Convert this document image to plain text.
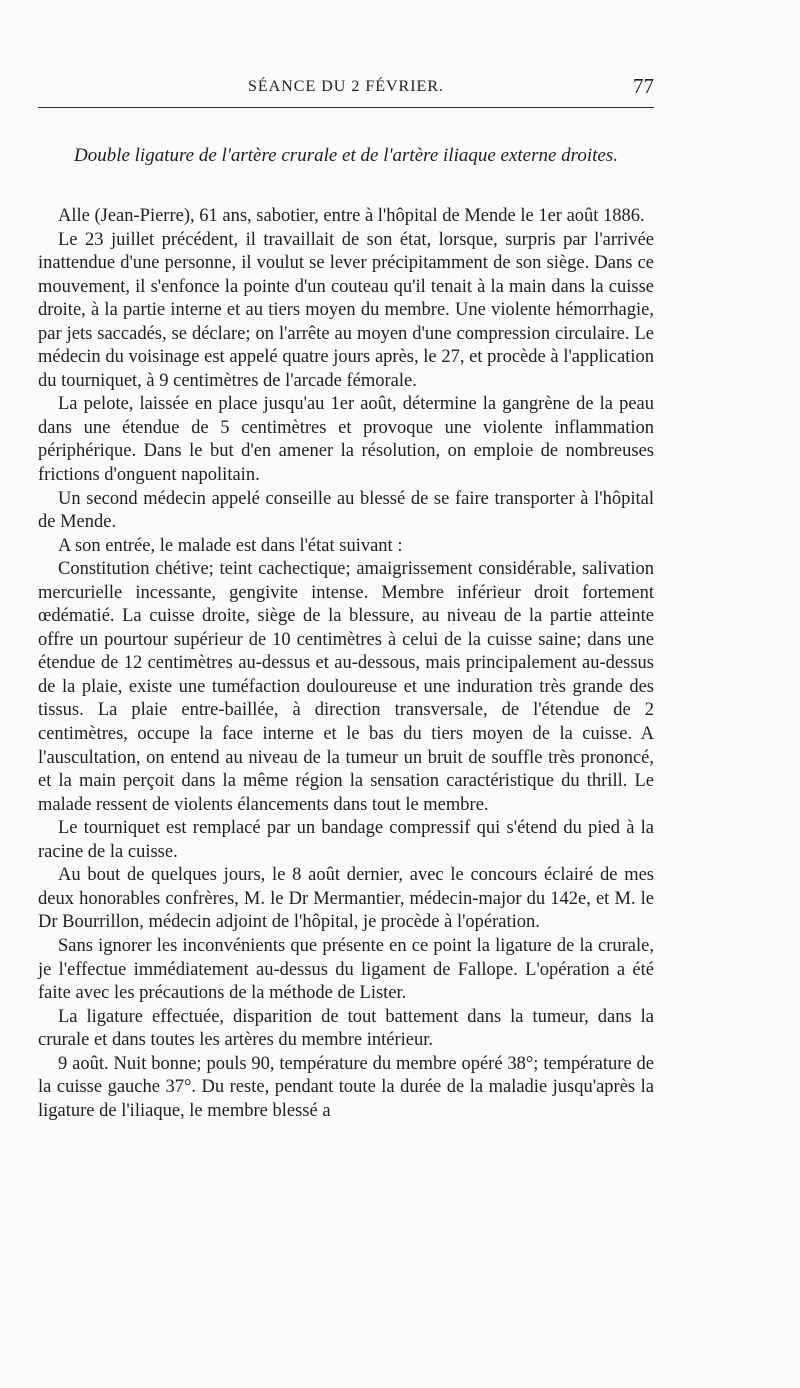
SÉANCE DU 2 FÉVRIER.	77
Double ligature de l'artère crurale et de l'artère iliaque externe droites.

Alle (Jean-Pierre), 61 ans, sabotier, entre à l'hôpital de Mende le 1er août 1886.

Le 23 juillet précédent, il travaillait de son état, lorsque, surpris par l'arrivée inattendue d'une personne, il voulut se lever précipitamment de son siège. Dans ce mouvement, il s'enfonce la pointe d'un couteau qu'il tenait à la main dans la cuisse droite, à la partie interne et au tiers moyen du membre. Une violente hémorrhagie, par jets saccadés, se déclare; on l'arrête au moyen d'une compression circulaire. Le médecin du voisinage est appelé quatre jours après, le 27, et procède à l'application du tourniquet, à 9 centimètres de l'arcade fémorale.

La pelote, laissée en place jusqu'au 1er août, détermine la gangrène de la peau dans une étendue de 5 centimètres et provoque une violente inflammation périphérique. Dans le but d'en amener la résolution, on emploie de nombreuses frictions d'onguent napolitain.

Un second médecin appelé conseille au blessé de se faire transporter à l'hôpital de Mende.

A son entrée, le malade est dans l'état suivant :

Constitution chétive; teint cachectique; amaigrissement considérable, salivation mercurielle incessante, gengivite intense. Membre inférieur droit fortement œdématié. La cuisse droite, siège de la blessure, au niveau de la partie atteinte offre un pourtour supérieur de 10 centimètres à celui de la cuisse saine; dans une étendue de 12 centimètres au-dessus et au-dessous, mais principalement au-dessus de la plaie, existe une tuméfaction douloureuse et une induration très grande des tissus. La plaie entre-baillée, à direction transversale, de l'étendue de 2 centimètres, occupe la face interne et le bas du tiers moyen de la cuisse. A l'auscultation, on entend au niveau de la tumeur un bruit de souffle très prononcé, et la main perçoit dans la même région la sensation caractéristique du thrill. Le malade ressent de violents élancements dans tout le membre.

Le tourniquet est remplacé par un bandage compressif qui s'étend du pied à la racine de la cuisse.

Au bout de quelques jours, le 8 août dernier, avec le concours éclairé de mes deux honorables confrères, M. le Dr Mermantier, médecin-major du 142e, et M. le Dr Bourrillon, médecin adjoint de l'hôpital, je procède à l'opération.

Sans ignorer les inconvénients que présente en ce point la ligature de la crurale, je l'effectue immédiatement au-dessus du ligament de Fallope. L'opération a été faite avec les précautions de la méthode de Lister.

La ligature effectuée, disparition de tout battement dans la tumeur, dans la crurale et dans toutes les artères du membre intérieur.

9 août. Nuit bonne; pouls 90, température du membre opéré 38°; température de la cuisse gauche 37°. Du reste, pendant toute la durée de la maladie jusqu'après la ligature de l'iliaque, le membre blessé a
